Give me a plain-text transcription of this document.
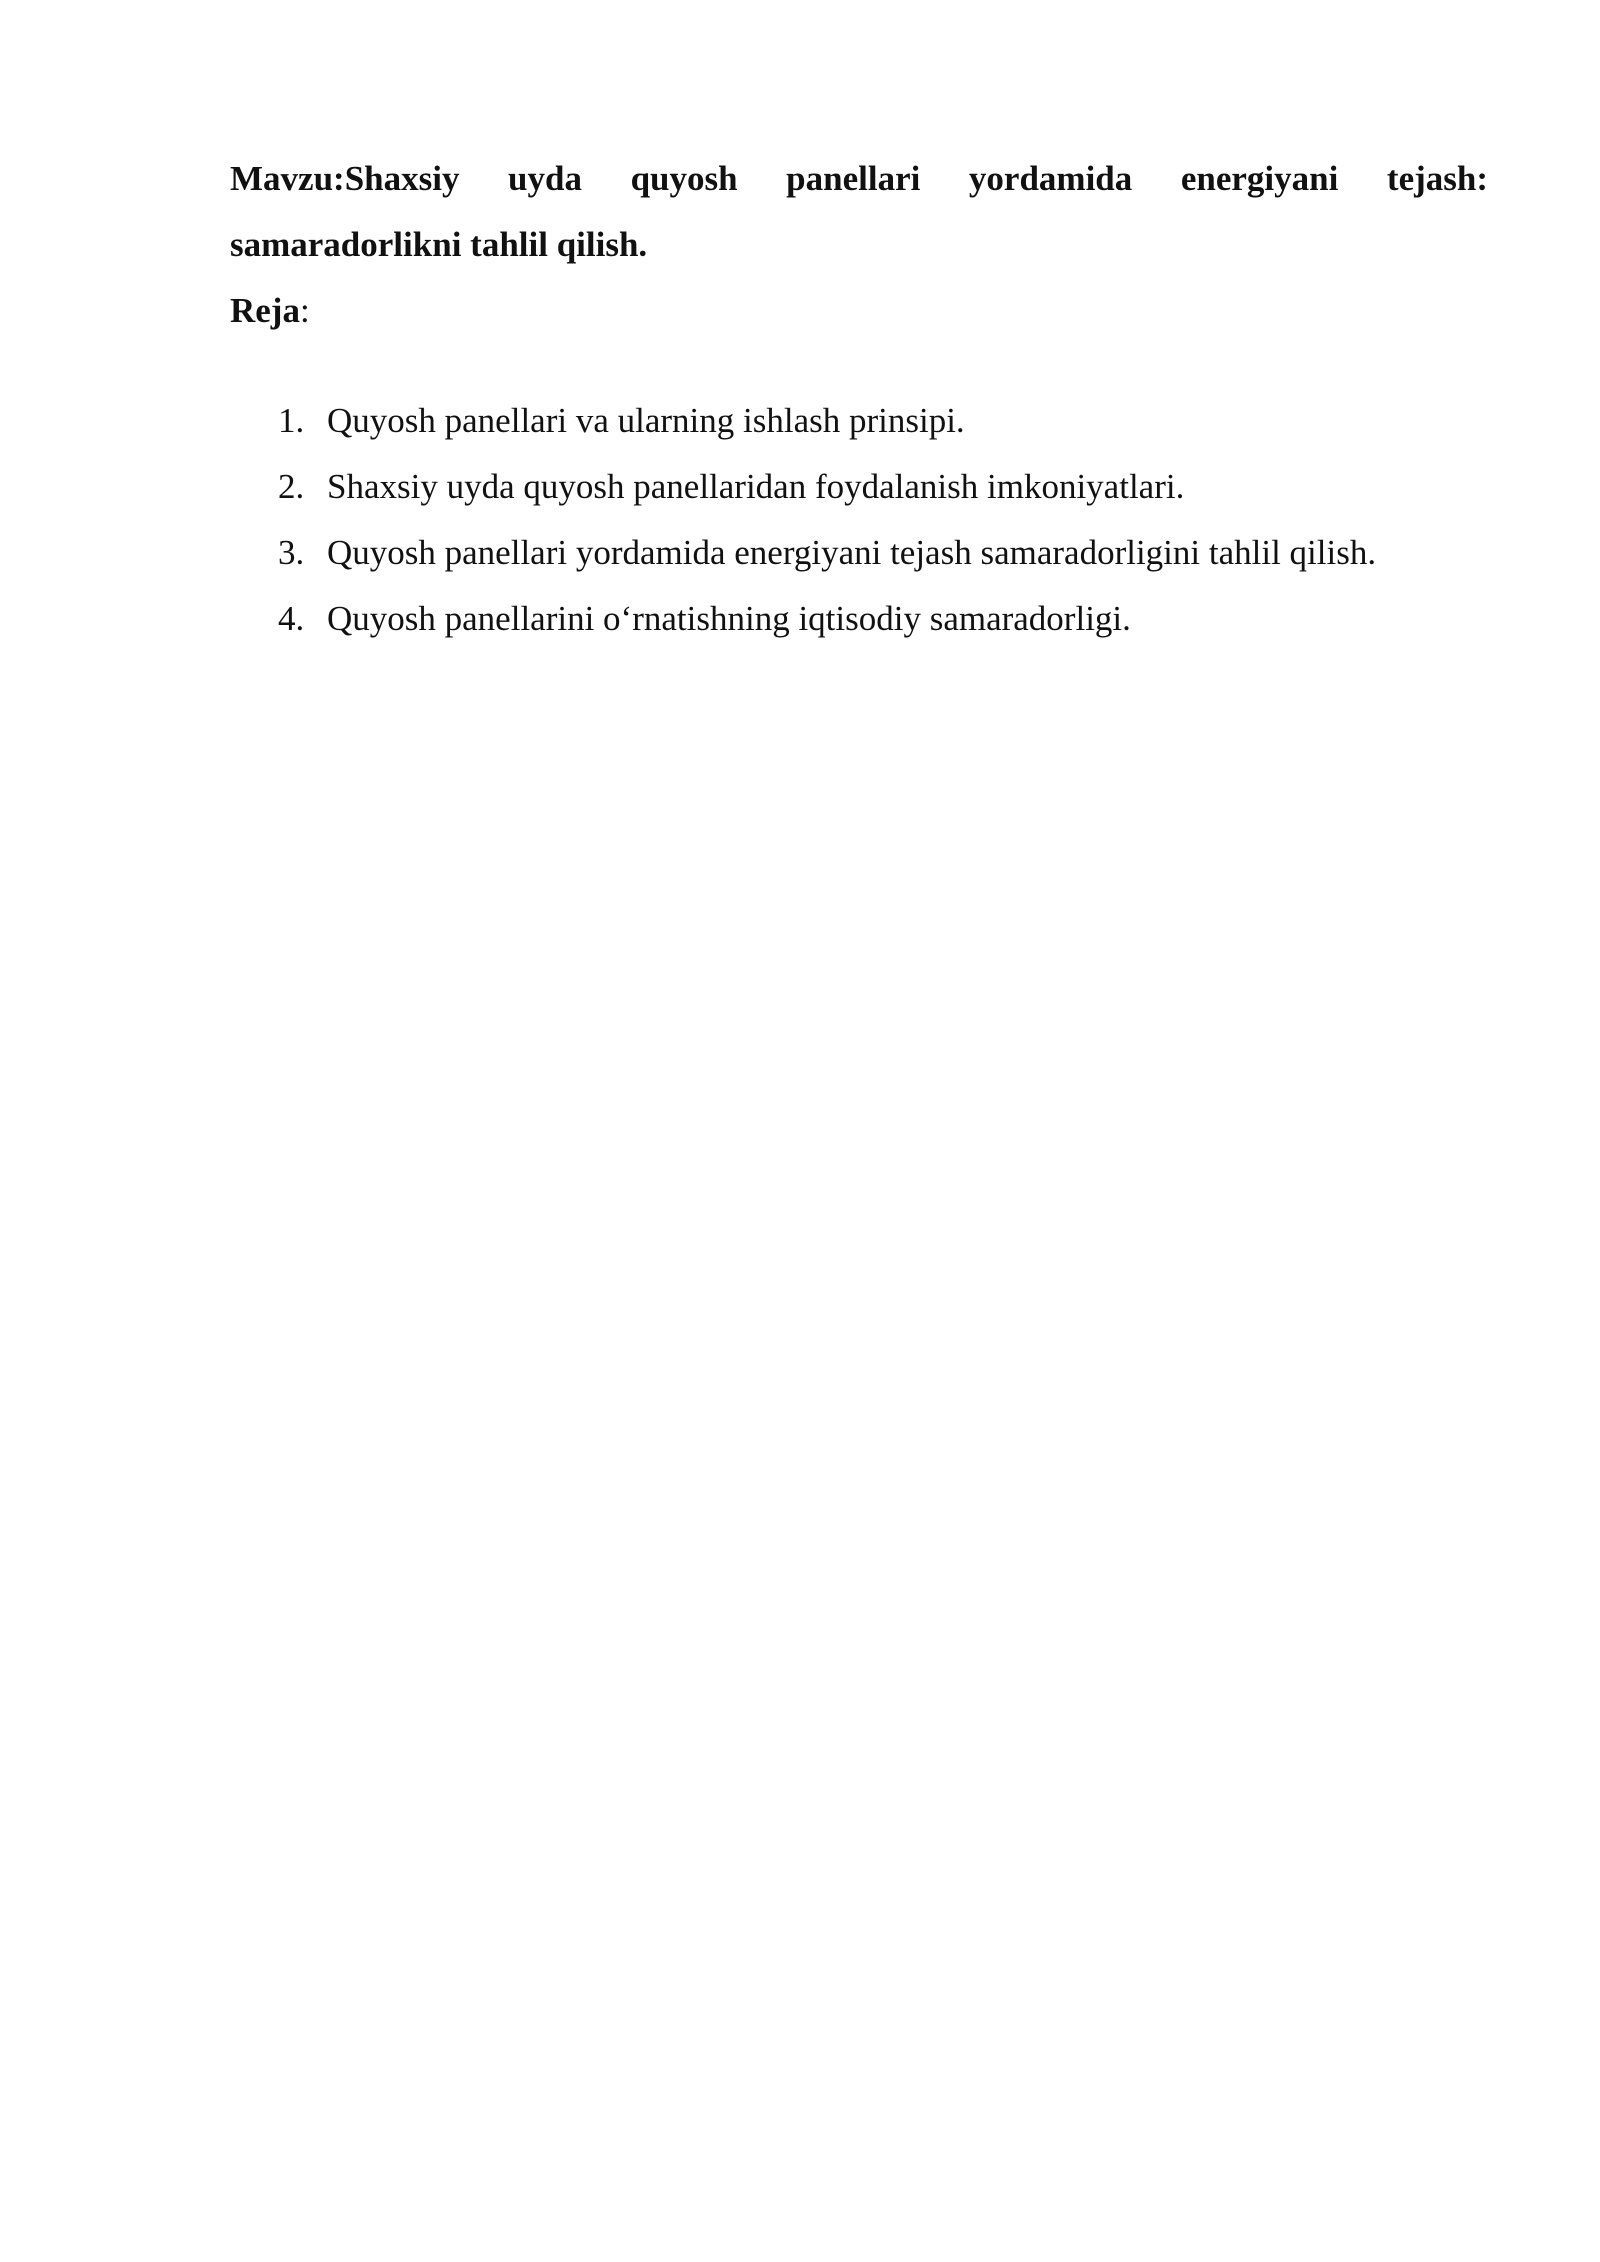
Mavzu:Shaxsiy uyda quyosh panellari yordamida energiyani tejash:
samaradorlikni tahlil qilish.

Reja:

1. Quyosh panellari va ularning ishlash prinsipi.
2. Shaxsiy uyda quyosh panellaridan foydalanish imkoniyatlari.
3. Quyosh panellari yordamida energiyani tejash samaradorligini tahlil qilish.
4. Quyosh panellarini o‘rnatishning iqtisodiy samaradorligi.
